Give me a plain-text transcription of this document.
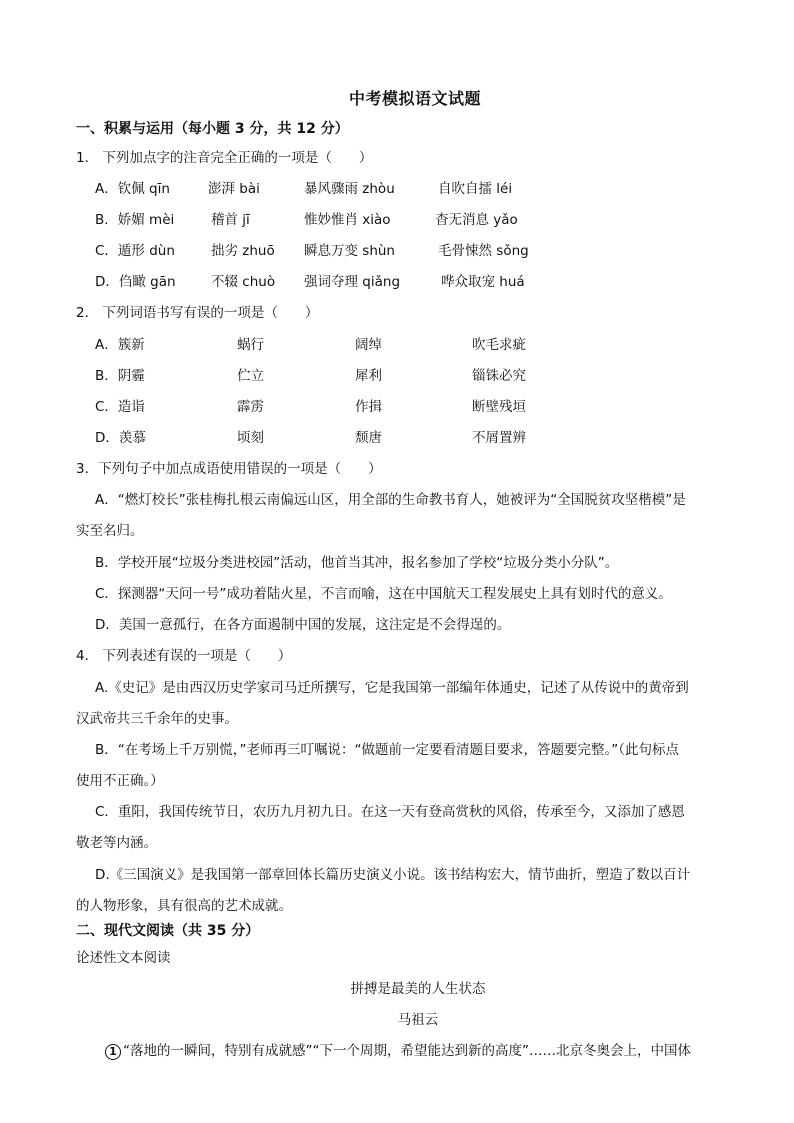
中考模拟语文试题
一、积累与运用（每小题 3 分，共 12 分）
1． 下列加点字的注音完全正确的一项是（　　）
A．钦佩 qīn	澎湃 bài	暴风骤雨 zhòu	自吹自擂 léi
B．娇媚 mèi	稽首 jī	惟妙惟肖 xiào	杳无消息 yǎo
C．遁形 dùn	拙劣 zhuō 瞬息万变 shùn	毛骨悚然 sǒng
D．㑇瞰 gān	不辍 chuò 强词夺理 qiǎng	哗众取宠 huá
2． 下列词语书写有误的一项是（　　）
A．簇新	蜗行	阔绰	吹毛求疵
B．阴霾	伫立	犀利	锱铢必究
C．造诣	霹雳	作揖	断壁残垣
D．羡慕	顷刻	颓唐	不屑置辨
3．下列句子中加点成语使用错误的一项是（　　）
A．“燃灯校长”张桂梅扎根云南偏远山区，用全部的生命教书育人，她被评为“全国脱贫攻坚楷模”是
实至名归。
B．学校开展“垃圾分类进校园”活动，他首当其冲，报名参加了学校“垃圾分类小分队”。
C．探测器“天问一号”成功着陆火星，不言而喻，这在中国航天工程发展史上具有划时代的意义。
D．美国一意孤行，在各方面遏制中国的发展，这注定是不会得逞的。
4． 下列表述有误的一项是（　　）
A.《史记》是由西汉历史学家司马迁所撰写，它是我国第一部编年体通史，记述了从传说中的黄帝到
汉武帝共三千余年的史事。
B．“在考场上千万别慌，”老师再三叮嘱说：“做题前一定要看清题目要求，答题要完整。”（此句标点
使用不正确。）
C．重阳，我国传统节日，农历九月初九日。在这一天有登高赏秋的风俗，传承至今，又添加了感恩
敬老等内涵。
D.《三国演义》是我国第一部章回体长篇历史演义小说。该书结构宏大，情节曲折，塑造了数以百计
的人物形象，具有很高的艺术成就。
二、现代文阅读（共 35 分）
论述性文本阅读
拼搏是最美的人生状态
马祖云
1 “落地的一瞬间，特别有成就感”“下一个周期，希望能达到新的高度”……北京冬奥会上，中国体
